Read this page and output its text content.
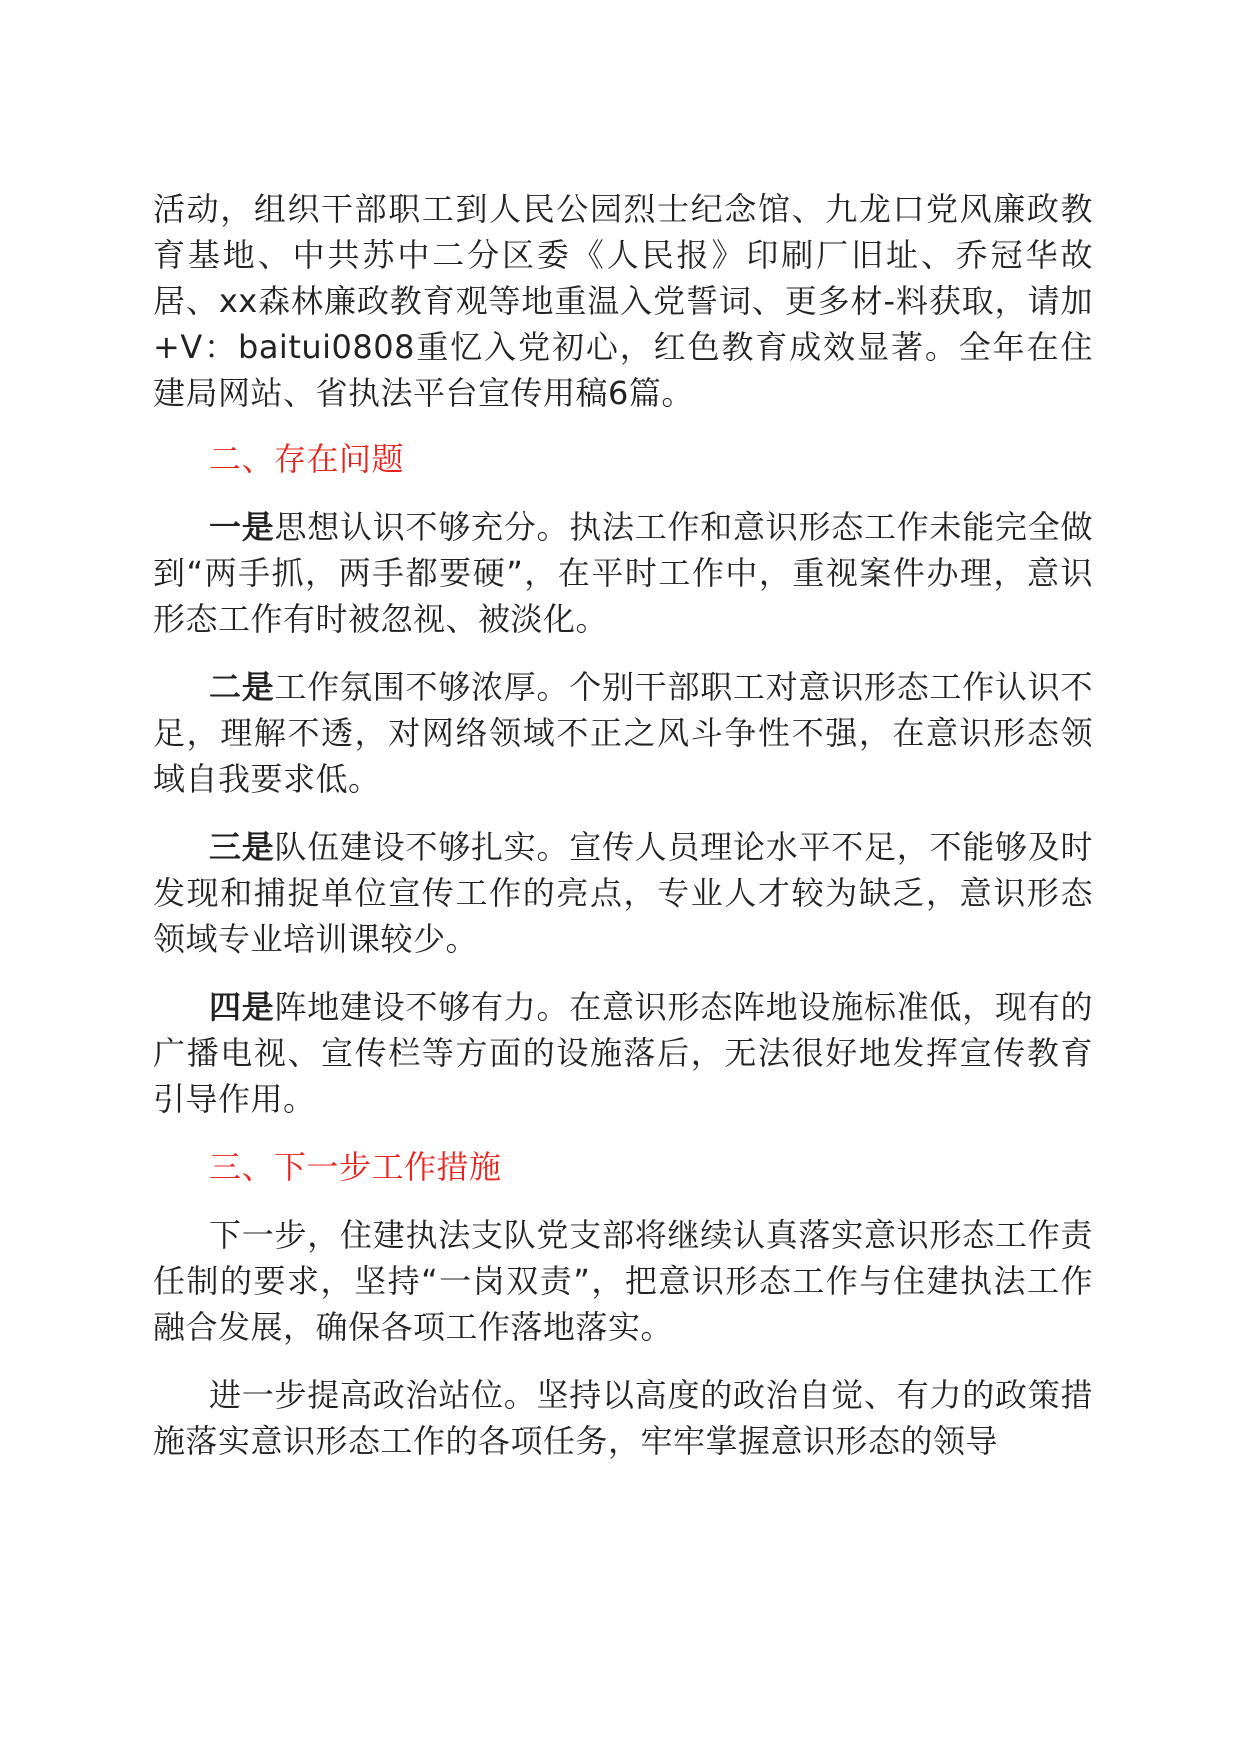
活动，组织干部职工到人民公园烈士纪念馆、九龙口党风廉政教育基地、中共苏中二分区委《人民报》印刷厂旧址、乔冠华故居、xx森林廉政教育观等地重温入党誓词、更多材-料获取，请加+V：baitui0808重忆入党初心，红色教育成效显著。全年在住建局网站、省执法平台宣传用稿6篇。

二、存在问题

一是思想认识不够充分。执法工作和意识形态工作未能完全做到“两手抓，两手都要硬”，在平时工作中，重视案件办理，意识形态工作有时被忽视、被淡化。

二是工作氛围不够浓厚。个别干部职工对意识形态工作认识不足，理解不透，对网络领域不正之风斗争性不强，在意识形态领域自我要求低。

三是队伍建设不够扎实。宣传人员理论水平不足，不能够及时发现和捕捉单位宣传工作的亮点，专业人才较为缺乏，意识形态领域专业培训课较少。

四是阵地建设不够有力。在意识形态阵地设施标准低，现有的广播电视、宣传栏等方面的设施落后，无法很好地发挥宣传教育引导作用。

三、下一步工作措施

下一步，住建执法支队党支部将继续认真落实意识形态工作责任制的要求，坚持“一岗双责”，把意识形态工作与住建执法工作融合发展，确保各项工作落地落实。

进一步提高政治站位。坚持以高度的政治自觉、有力的政策措施落实意识形态工作的各项任务，牢牢掌握意识形态的领导
